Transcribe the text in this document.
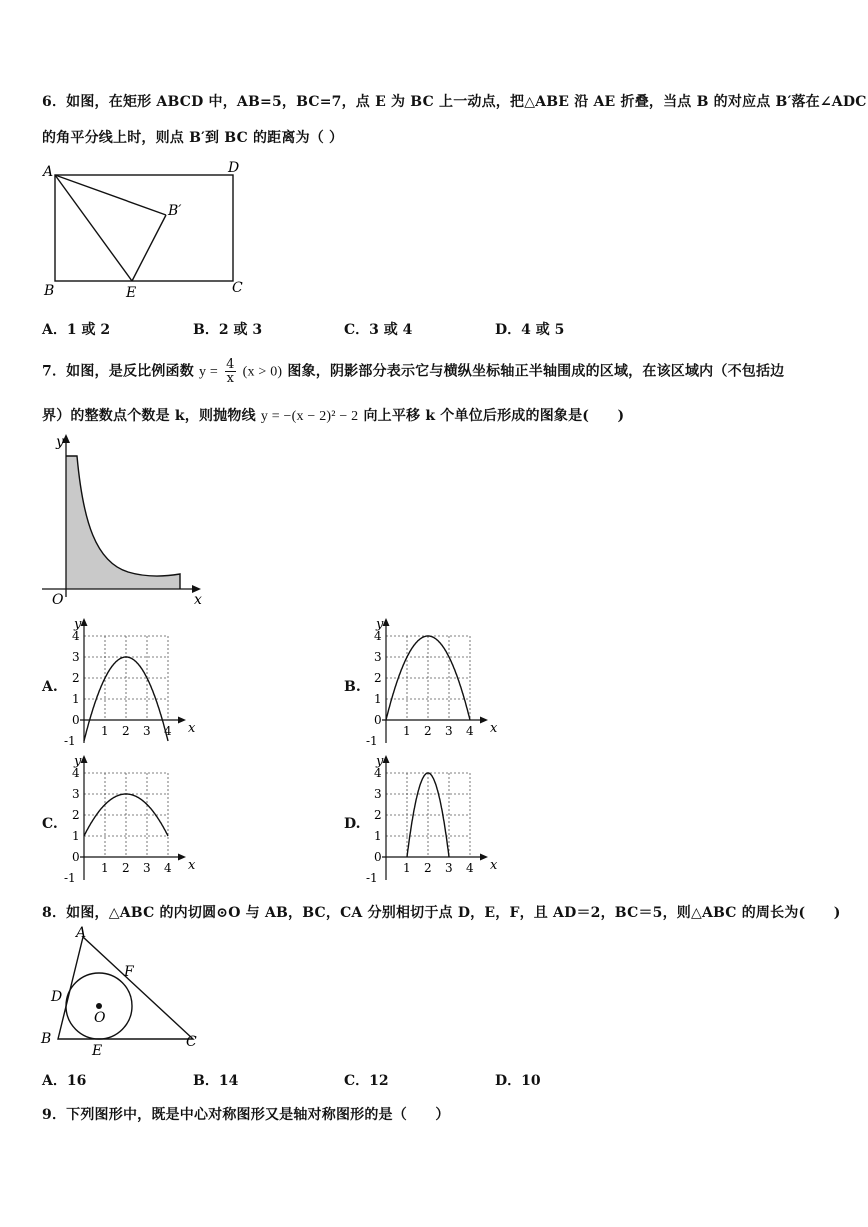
6．如图，在矩形 ABCD 中，AB=5，BC=7，点 E 为 BC 上一动点，把△ABE 沿 AE 折叠，当点 B 的对应点 B′落在∠ADC
的角平分线上时，则点 B′到 BC 的距离为（ ）
A	D
B′
B	E	C
A．1 或 2	B．2 或 3	C．3 或 4	D．4 或 5
7．如图，是反比例函数 $y = \frac{4}{x} (x > 0)$ 图象，阴影部分表示它与横纵坐标轴正半轴围成的区域，在该区域内（不包括边
界）的整数点个数是 k，则抛物线 y = −(x − 2)² − 2 向上平移 k 个单位后形成的图象是(　　)
y
x
O
A.	B.
C.	D.
4
3
2
1
0
-1
1 2 3 4
y
x
4
3
2
1
0
-1
1 2 3 4
y
x
4
3
2
1
0
-1
1 2 3 4
y
x
4
3
2
1
0
-1
1 2 3 4
y
x
8．如图，△ABC 的内切圆⊙O 与 AB，BC，CA 分别相切于点 D，E，F，且 AD＝2，BC＝5，则△ABC 的周长为(　　)
A
F
D
O
B
E
C
A．16	B．14	C．12	D．10
9．下列图形中，既是中心对称图形又是轴对称图形的是（　　）
